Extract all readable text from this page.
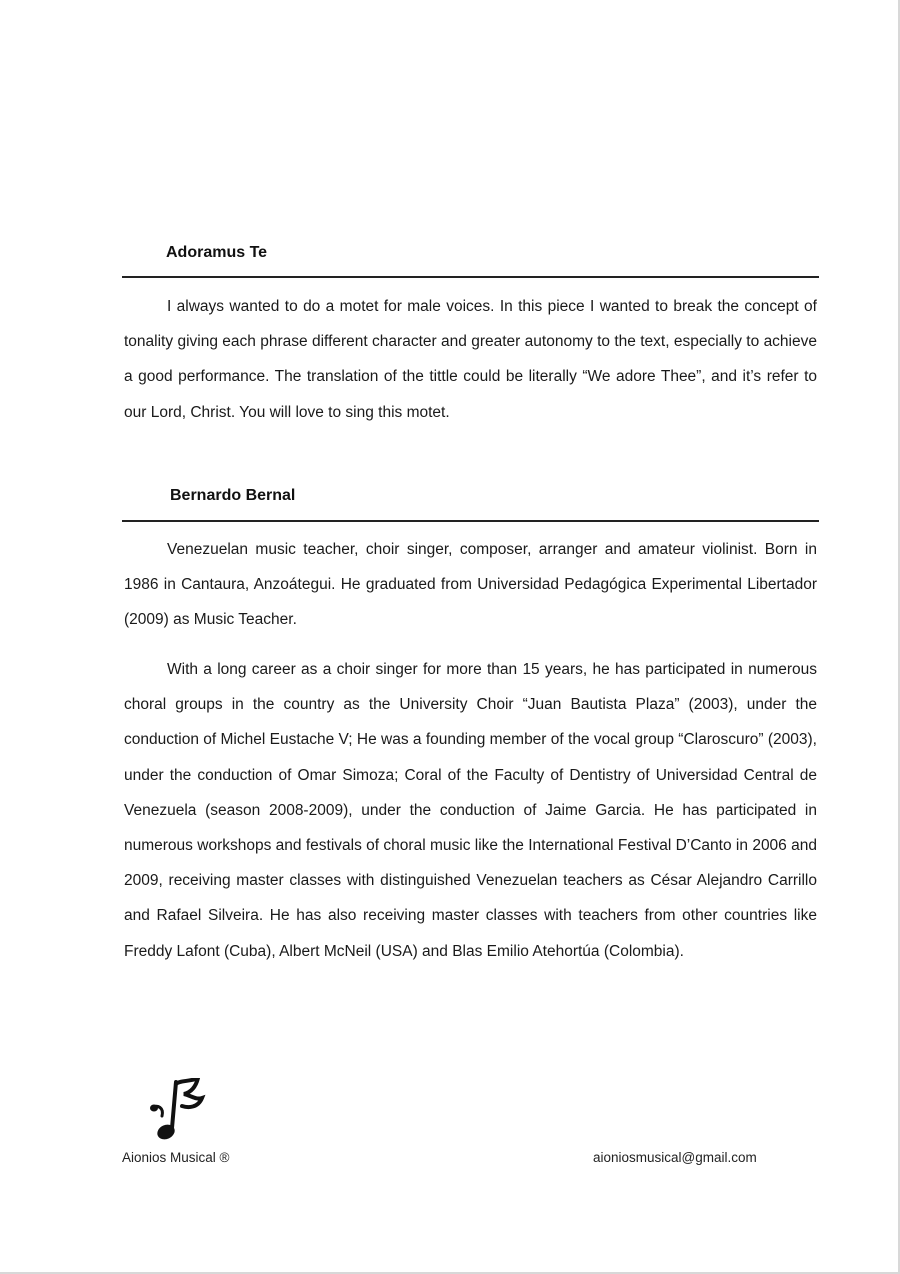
Adoramus Te

I always wanted to do a motet for male voices. In this piece I wanted to break the concept of tonality giving each phrase different character and greater autonomy to the text, especially to achieve a good performance. The translation of the tittle could be literally “We adore Thee”, and it’s refer to our Lord, Christ. You will love to sing this motet.

Bernardo Bernal

Venezuelan music teacher, choir singer, composer, arranger and amateur violinist. Born in 1986 in Cantaura, Anzoátegui. He graduated from Universidad Pedagógica Experimental Libertador (2009) as Music Teacher.

With a long career as a choir singer for more than 15 years, he has participated in numerous choral groups in the country as the University Choir “Juan Bautista Plaza” (2003), under the conduction of Michel Eustache V; He was a founding member of the vocal group “Claroscuro” (2003), under the conduction of Omar Simoza; Coral of the Faculty of Dentistry of Universidad Central de Venezuela (season 2008-2009), under the conduction of Jaime Garcia. He has participated in numerous workshops and festivals of choral music like the International Festival D’Canto in 2006 and 2009, receiving master classes with distinguished Venezuelan teachers as César Alejandro Carrillo and Rafael Silveira. He has also receiving master classes with teachers from other countries like Freddy Lafont (Cuba), Albert McNeil (USA) and Blas Emilio Atehortúa (Colombia).

Aionios Musical ®	aioniosmusical@gmail.com
